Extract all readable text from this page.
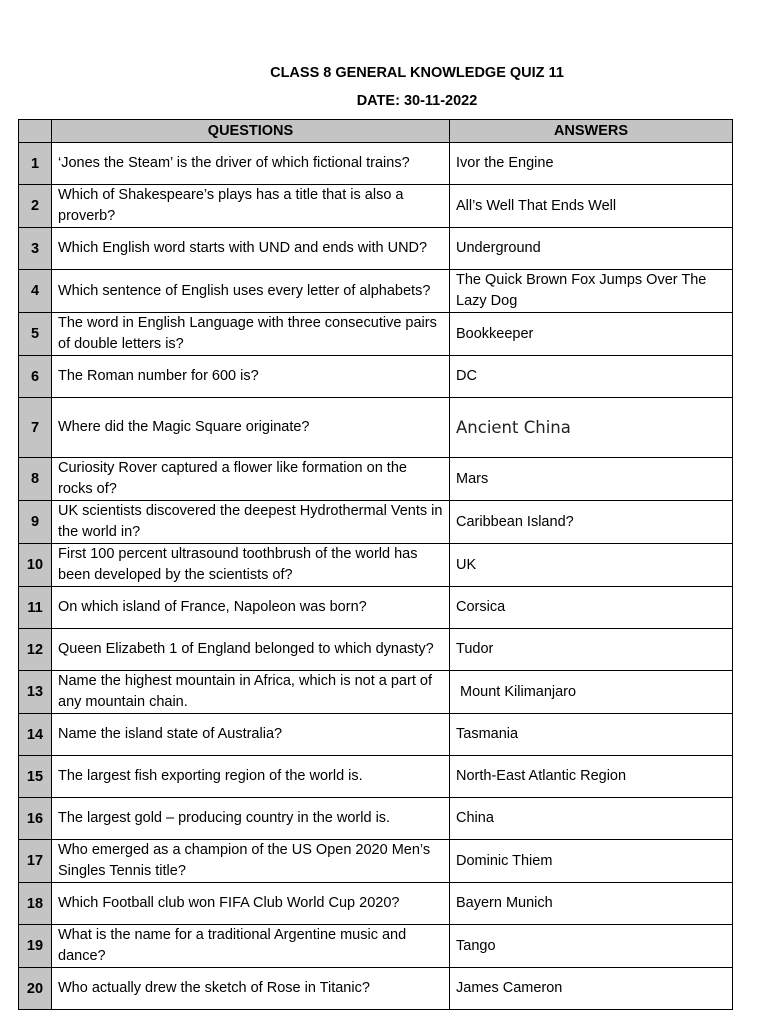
CLASS 8 GENERAL KNOWLEDGE QUIZ 11
DATE: 30-11-2022
	QUESTIONS	ANSWERS
1	‘Jones the Steam’ is the driver of which fictional trains?	Ivor the Engine
2	Which of Shakespeare’s plays has a title that is also a proverb?	All’s Well That Ends Well
3	Which English word starts with UND and ends with UND?	Underground
4	Which sentence of English uses every letter of alphabets?	The Quick Brown Fox Jumps Over The Lazy Dog
5	The word in English Language with three consecutive pairs of double letters is?	Bookkeeper
6	The Roman number for 600 is?	DC
7	Where did the Magic Square originate?	Ancient China
8	Curiosity Rover captured a flower like formation on the rocks of?	Mars
9	UK scientists discovered the deepest Hydrothermal Vents in the world in?	Caribbean Island?
10	First 100 percent ultrasound toothbrush of the world has been developed by the scientists of?	UK
11	On which island of France, Napoleon was born?	Corsica
12	Queen Elizabeth 1 of England belonged to which dynasty?	Tudor
13	Name the highest mountain in Africa, which is not a part of any mountain chain.	Mount Kilimanjaro
14	Name the island state of Australia?	Tasmania
15	The largest fish exporting region of the world is.	North-East Atlantic Region
16	The largest gold – producing country in the world is.	China
17	Who emerged as a champion of the US Open 2020 Men’s Singles Tennis title?	Dominic Thiem
18	Which Football club won FIFA Club World Cup 2020?	Bayern Munich
19	What is the name for a traditional Argentine music and dance?	Tango
20	Who actually drew the sketch of Rose in Titanic?	James Cameron
